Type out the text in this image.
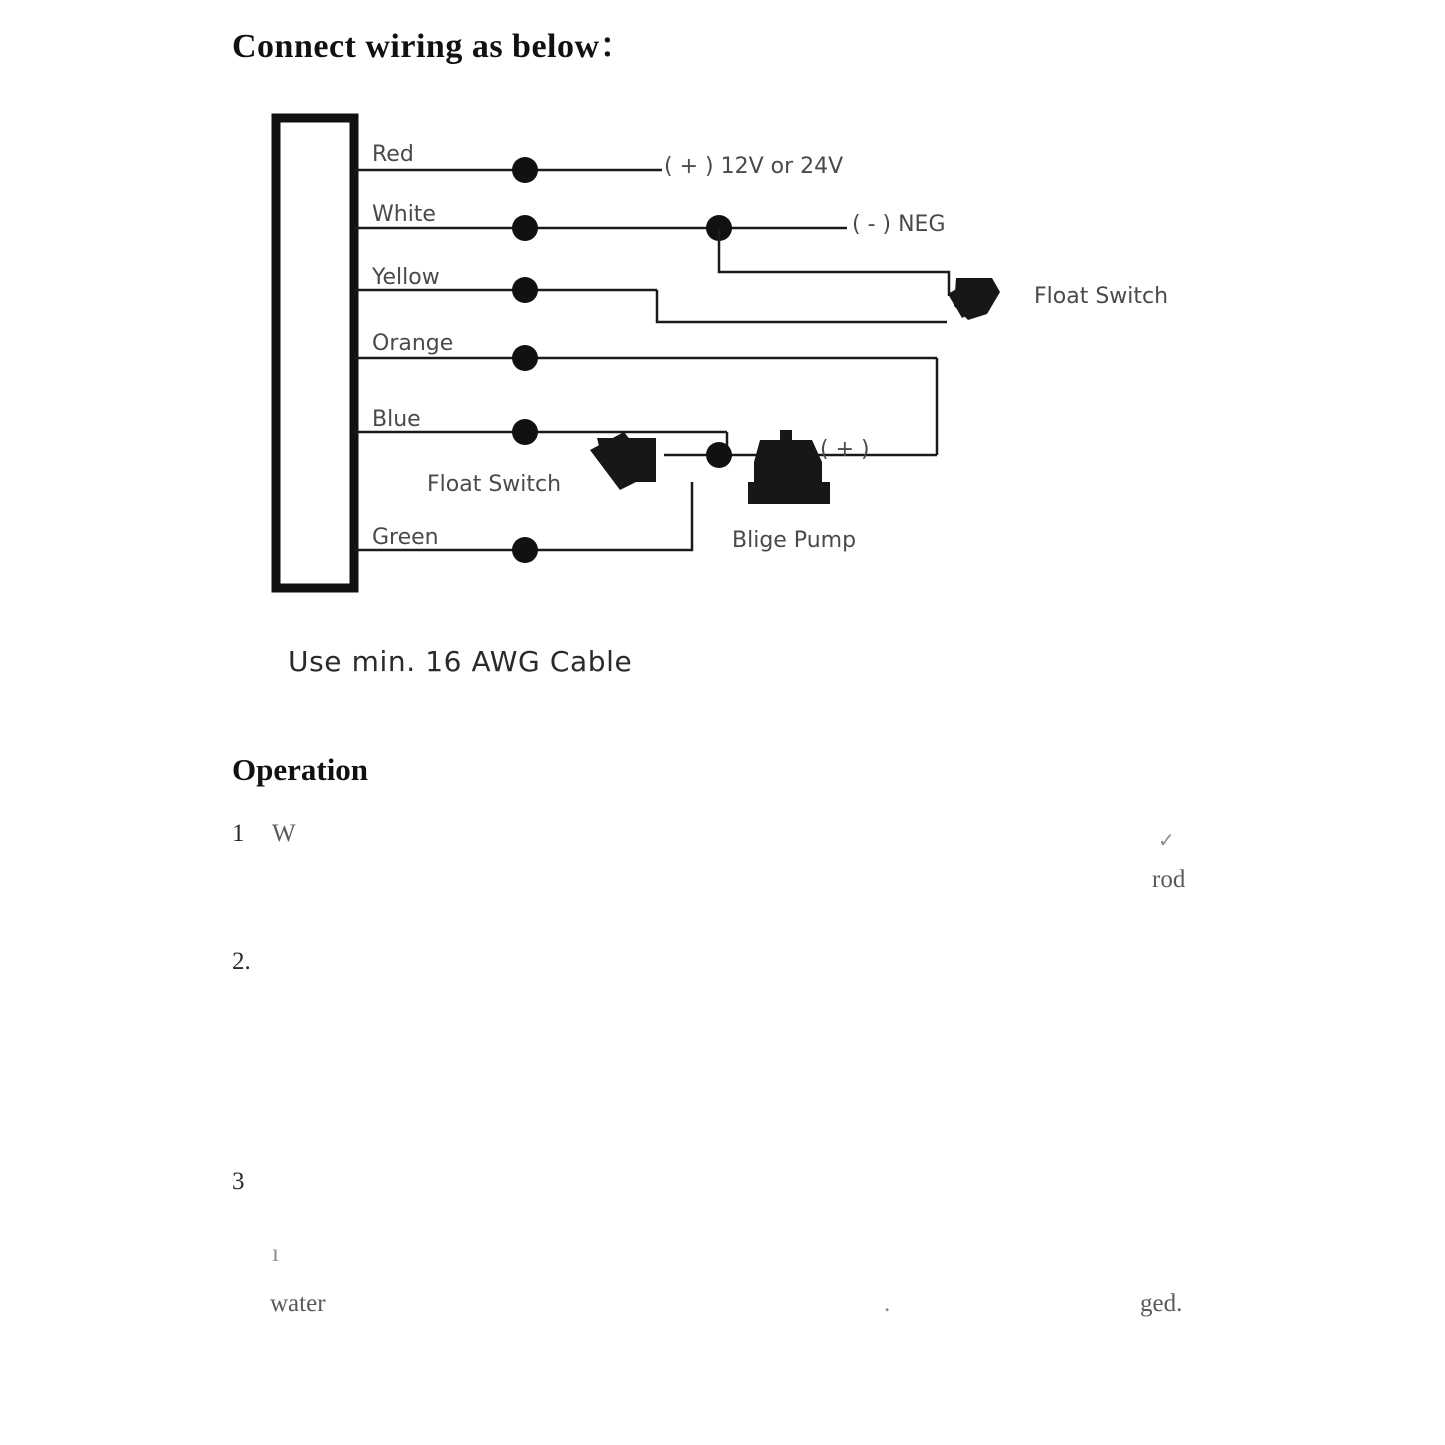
Connect wiring as below：
Red
White
Yellow
Orange
Blue
Green
( + ) 12V or 24V
( - ) NEG
Float Switch
Float Switch
( + )
Blige Pump
Use min. 16 AWG Cable
Operation
1 W	✓
rod
2.
3
ı
water	.	ged.
